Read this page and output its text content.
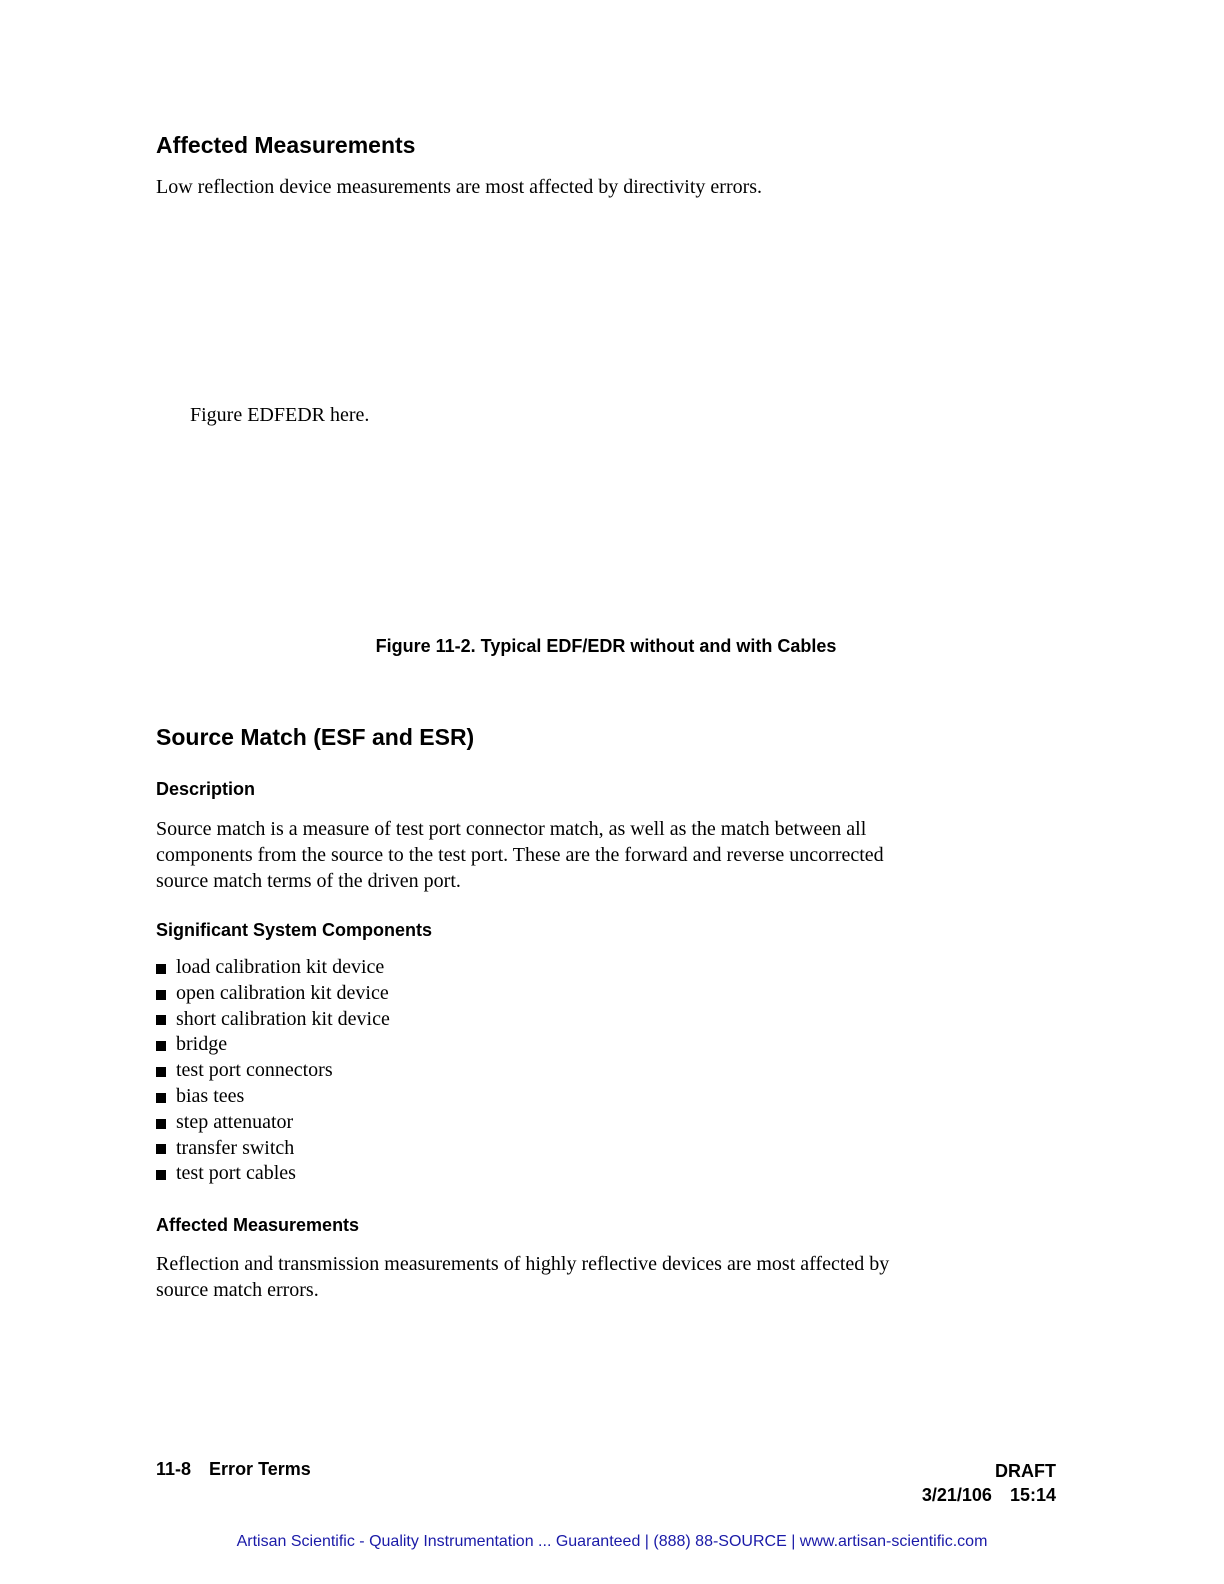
Affected Measurements

Low reflection device measurements are most affected by directivity errors.

Figure EDFEDR here.
Figure 11-2. Typical EDF/EDR without and with Cables
Source Match (ESF and ESR)
Description

Source match is a measure of test port connector match, as well as the match between all

components from the source to the test port. These are the forward and reverse uncorrected

source match terms of the driven port.

Significant System Components
load calibration kit device
open calibration kit device
short calibration kit device
bridge
test port connectors
bias tees
step attenuator
transfer switch
test port cables
Affected Measurements

Reflection and transmission measurements of highly reflective devices are most affected by

source match errors.

11-8 Error Terms	DRAFT
3/21/106 15:14
Artisan Scientific - Quality Instrumentation ... Guaranteed | (888) 88-SOURCE | www.artisan-scientific.com
